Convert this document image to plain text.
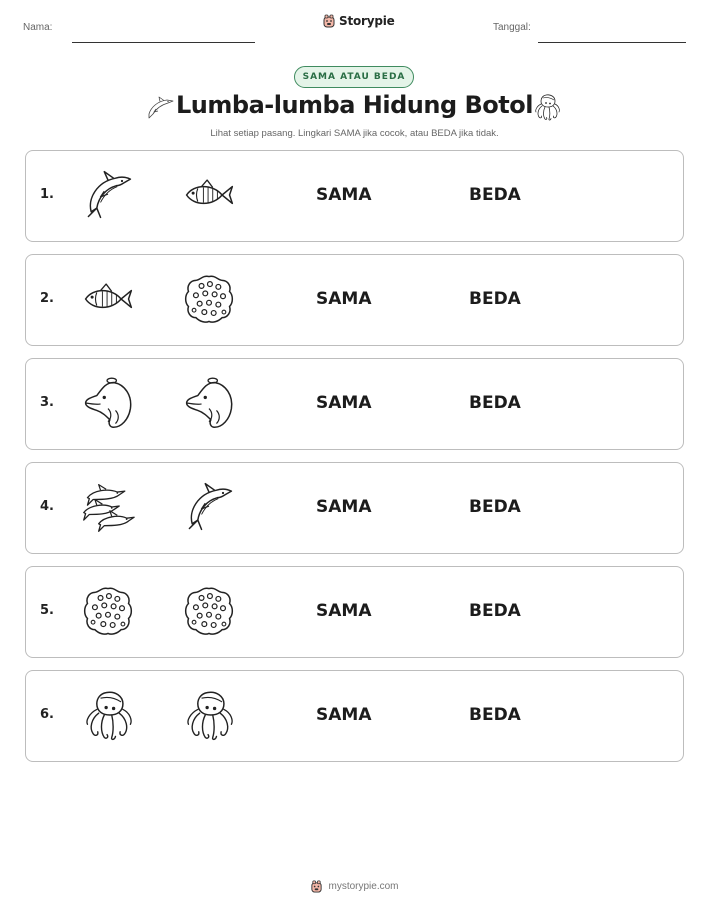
Nama:	Storypie	Tanggal:
SAMA ATAU BEDA
Lumba-lumba Hidung Botol
Lihat setiap pasang. Lingkari SAMA jika cocok, atau BEDA jika tidak.
1.	SAMA	BEDA
2.	SAMA	BEDA
3.	SAMA	BEDA
4.	SAMA	BEDA
5.	SAMA	BEDA
6.	SAMA	BEDA
mystorypie.com
